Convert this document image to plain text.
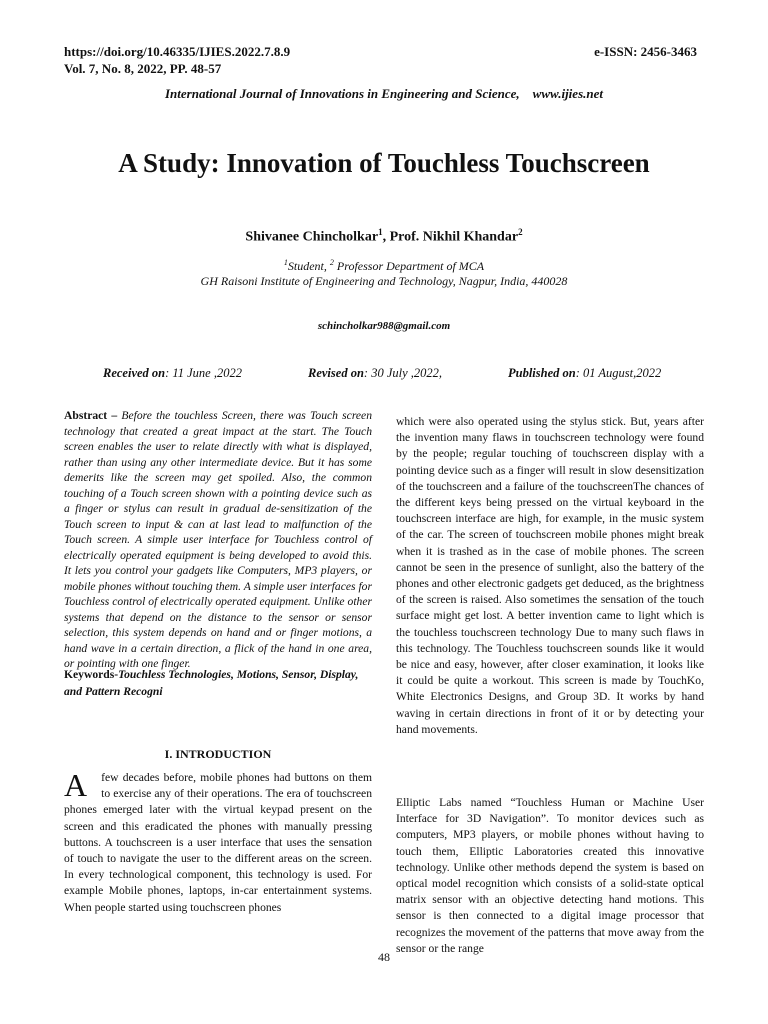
https://doi.org/10.46335/IJIES.2022.7.8.9
Vol. 7, No. 8, 2022, PP. 48-57
e-ISSN: 2456-3463
International Journal of Innovations in Engineering and Science,    www.ijies.net
A Study: Innovation of Touchless Touchscreen
Shivanee Chincholkar$^1$, Prof. Nikhil Khandar$^2$
$^1$Student, $^2$ Professor Department of MCA
GH Raisoni Institute of Engineering and Technology, Nagpur, India, 440028
schincholkar988@gmail.com
Received on: 11 June ,2022	Revised on: 30 July ,2022,	Published on: 01 August,2022
Abstract – Before the touchless Screen, there was Touch screen technology that created a great impact at the start. The Touch screen enables the user to relate directly with what is displayed, rather than using any other intermediate device. But it has some demerits like the screen may get spoiled. Also, the common touching of a Touch screen shown with a pointing device such as a finger or stylus can result in gradual de-sensitization of the Touch screen to input & can at last lead to malfunction of the Touch screen. A simple user interface for Touchless control of electrically operated equipment is being developed to avoid this. It lets you control your gadgets like Computers, MP3 players, or mobile phones without touching them. A simple user interfaces for Touchless control of electrically operated equipment. Unlike other systems that depend on the distance to the sensor or sensor selection, this system depends on hand and or finger motions, a hand wave in a certain direction, a flick of the hand in one area, or pointing with one finger.
Keywords-Touchless Technologies, Motions, Sensor, Display, and Pattern Recogni
I. INTRODUCTION
A few decades before, mobile phones had buttons on them to exercise any of their operations. The era of touchscreen phones emerged later with the virtual keypad present on the screen and this eradicated the phones with manually pressing buttons. A touchscreen is a user interface that uses the sensation of touch to navigate the user to the different areas on the screen. In every technological component, this technology is used. For example Mobile phones, laptops, in-car entertainment systems. When people started using touchscreen phones

which were also operated using the stylus stick. But, years after the invention many flaws in touchscreen technology were found by the people; regular touching of touchscreen display with a pointing device such as a finger will result in slow desensitization of the touchscreen and a failure of the touchscreenThe chances of the different keys being pressed on the virtual keyboard in the touchscreen interface are high, for example, in the music system of the car. The screen of touchscreen mobile phones might break when it is trashed as in the case of mobile phones. The screen cannot be seen in the presence of sunlight, also the battery of the phones and other electronic gadgets get deduced, as the brightness of the screen is raised. Also sometimes the sensation of the touch surface might get lost. A better invention came to light which is the touchless touchscreen technology Due to many such flaws in this technology. The Touchless touchscreen sounds like it would be nice and easy, however, after closer examination, it looks like it could be quite a workout. This screen is made by TouchKo, White Electronics Designs, and Group 3D. It works by hand waving in certain directions in front of it or by detecting your hand movements.

Elliptic Labs named “Touchless Human or Machine User Interface for 3D Navigation”. To monitor devices such as computers, MP3 players, or mobile phones without having to touch them, Elliptic Laboratories created this innovative technology. Unlike other methods depend the system is based on optical model recognition which consists of a solid-state optical matrix sensor with an objective detecting hand motions. This sensor is then connected to a digital image processor that recognizes the movement of the patterns that move away from the sensor or the range

48
